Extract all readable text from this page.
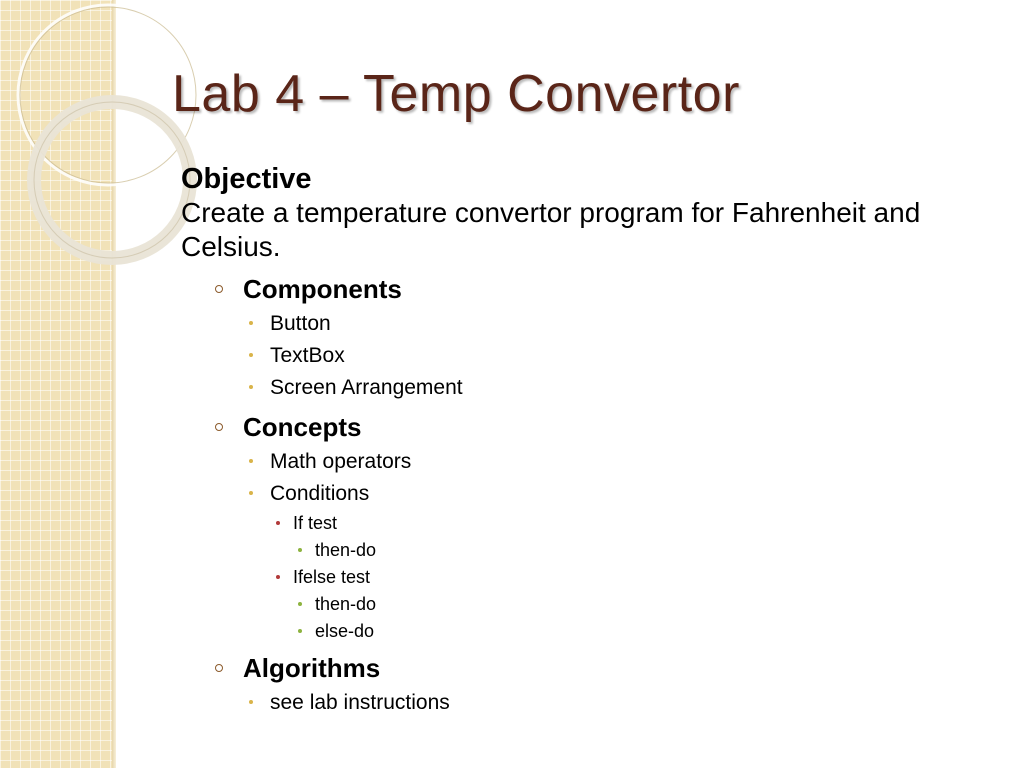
Lab 4 – Temp Convertor
Objective
Create a temperature convertor program for Fahrenheit and Celsius.
Components
Button
TextBox
Screen Arrangement
Concepts
Math operators
Conditions
If test
then-do
Ifelse test
then-do
else-do
Algorithms
see lab instructions
